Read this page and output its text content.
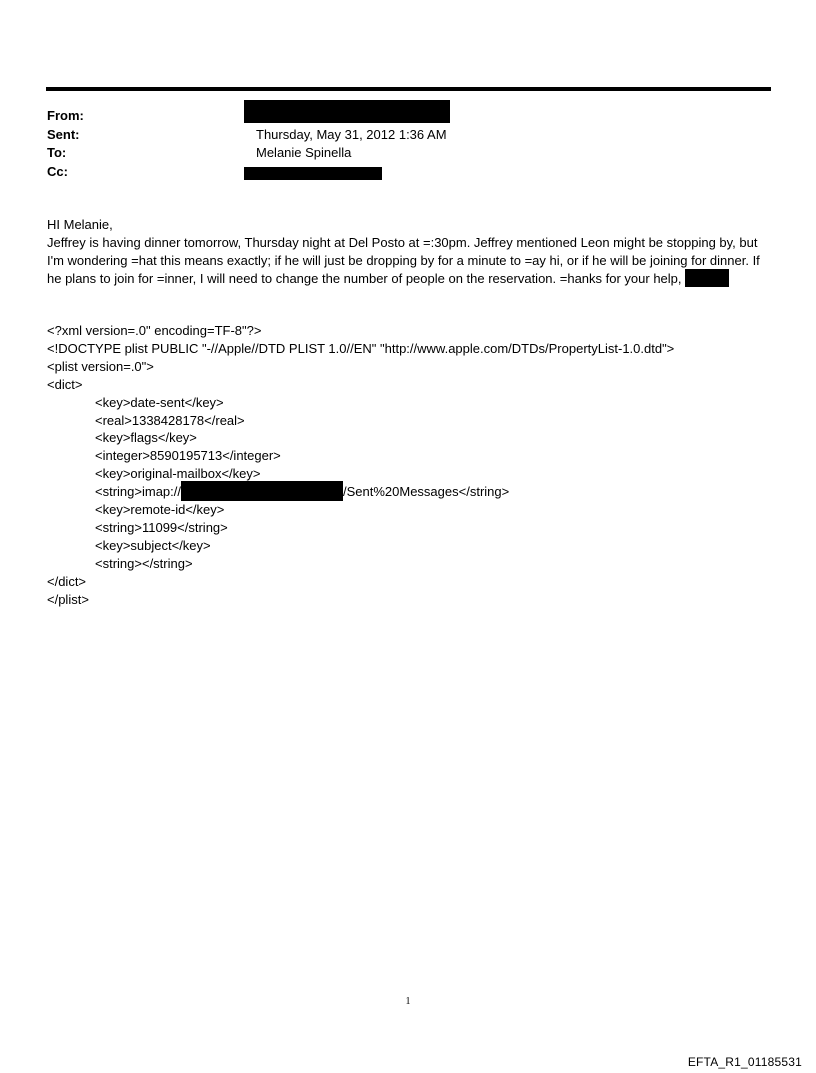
From:
Sent:	Thursday, May 31, 2012 1:36 AM
To:	Melanie Spinella
Cc:

HI Melanie,

Jeffrey is having dinner tomorrow, Thursday night at Del Posto at =:30pm. Jeffrey mentioned Leon might be stopping by, but I'm wondering =hat this means exactly; if he will just be dropping by for a minute to =ay hi, or if he will be joining for dinner. If he plans to join for =inner, I will need to change the number of people on the reservation. =hanks for your help,

<?xml version=.0" encoding=TF-8"?>
<!DOCTYPE plist PUBLIC "-//Apple//DTD PLIST 1.0//EN" "http://www.apple.com/DTDs/PropertyList-1.0.dtd">
<plist version=.0">
<dict>
<key>date-sent</key>
<real>1338428178</real>
<key>flags</key>
<integer>8590195713</integer>
<key>original-mailbox</key>
<string>imap://	/Sent%20Messages</string>
<key>remote-id</key>
<string>11099</string>
<key>subject</key>
<string></string>
</dict>
</plist>
1
EFTA_R1_01185531
